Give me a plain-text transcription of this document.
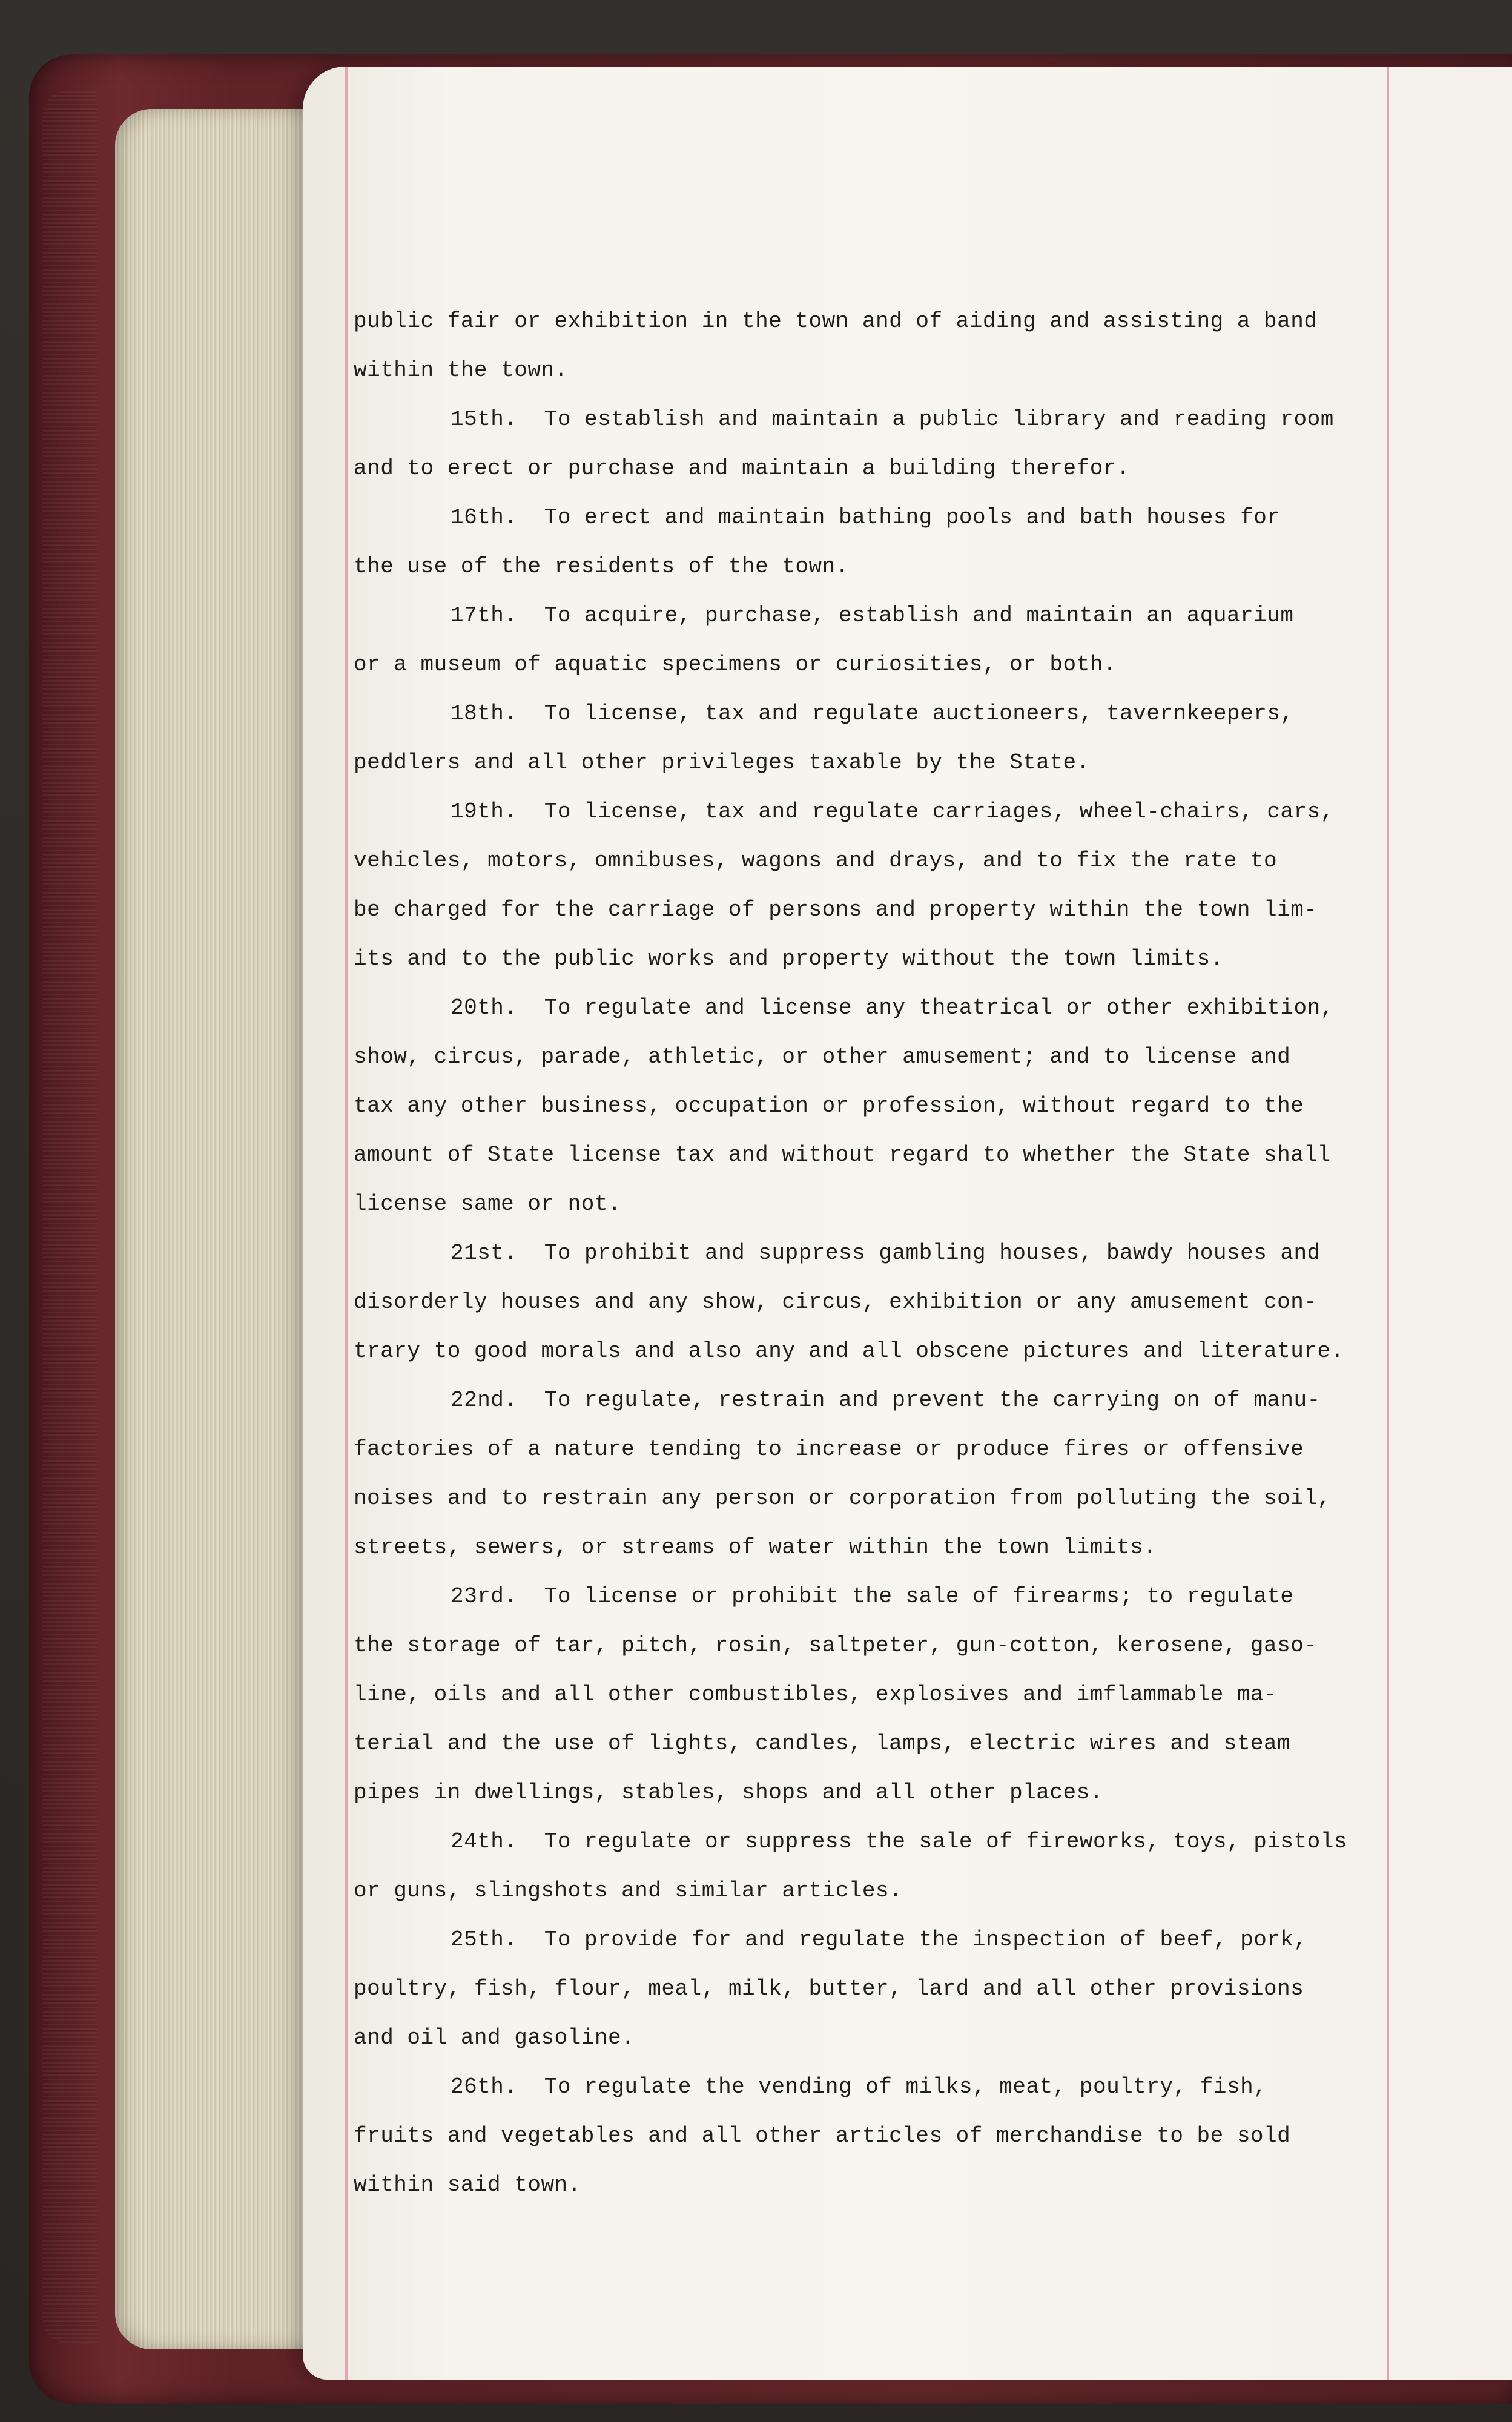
public fair or exhibition in the town and of aiding and assisting a band
within the town.
15th.  To establish and maintain a public library and reading room
and to erect or purchase and maintain a building therefor.
16th.  To erect and maintain bathing pools and bath houses for
the use of the residents of the town.
17th.  To acquire, purchase, establish and maintain an aquarium
or a museum of aquatic specimens or curiosities, or both.
18th.  To license, tax and regulate auctioneers, tavernkeepers,
peddlers and all other privileges taxable by the State.
19th.  To license, tax and regulate carriages, wheel-chairs, cars,
vehicles, motors, omnibuses, wagons and drays, and to fix the rate to
be charged for the carriage of persons and property within the town lim-
its and to the public works and property without the town limits.
20th.  To regulate and license any theatrical or other exhibition,
show, circus, parade, athletic, or other amusement; and to license and
tax any other business, occupation or profession, without regard to the
amount of State license tax and without regard to whether the State shall
license same or not.
21st.  To prohibit and suppress gambling houses, bawdy houses and
disorderly houses and any show, circus, exhibition or any amusement con-
trary to good morals and also any and all obscene pictures and literature.
22nd.  To regulate, restrain and prevent the carrying on of manu-
factories of a nature tending to increase or produce fires or offensive
noises and to restrain any person or corporation from polluting the soil,
streets, sewers, or streams of water within the town limits.
23rd.  To license or prohibit the sale of firearms; to regulate
the storage of tar, pitch, rosin, saltpeter, gun-cotton, kerosene, gaso-
line, oils and all other combustibles, explosives and imflammable ma-
terial and the use of lights, candles, lamps, electric wires and steam
pipes in dwellings, stables, shops and all other places.
24th.  To regulate or suppress the sale of fireworks, toys, pistols
or guns, slingshots and similar articles.
25th.  To provide for and regulate the inspection of beef, pork,
poultry, fish, flour, meal, milk, butter, lard and all other provisions
and oil and gasoline.
26th.  To regulate the vending of milks, meat, poultry, fish,
fruits and vegetables and all other articles of merchandise to be sold
within said town.
